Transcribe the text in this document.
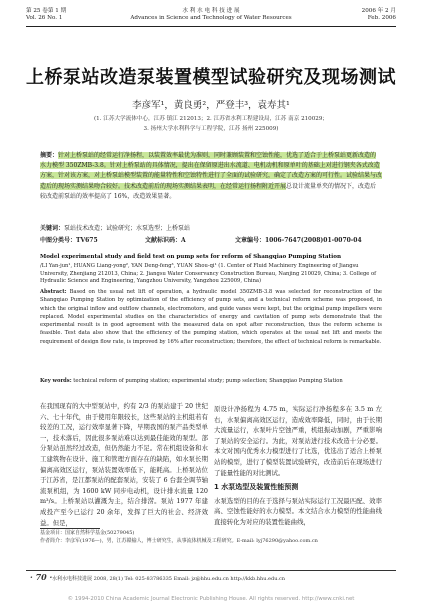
第 25 卷第 1 期
Vol. 26 No. 1
水 利 水 电 科 技 进 展
Advances in Science and Technology of Water Resources
2006 年 2 月
Feb. 2006
上桥泵站改造泵装置模型试验研究及现场测试
李彦军¹，黄良勇²，严登丰³，袁寿其¹
(1. 江苏大学流体中心，江苏 镇江 212013；2. 江苏省水利工程建设局，江苏 南京 210029；
3. 扬州大学水利科学与工程学院，江苏 扬州 225009)
摘要：针对上桥泵站的经常运行净扬程，以装置效率最优为准则，同时兼顾装置和空蚀性能，优选了适合于上桥泵站更新改造的水力模型 350ZMB-3.8。针对上桥泵站的具体情况，提出在保留原进出水流道、电机动机和原单叶的基础上对进行钢夹各式改造方案，针对该方案，对上桥泵站模型装置的能量特性和空蚀特性进行了全面的试验研究，确定了改造方案的可行性。试验结果与改造后的现场实测结果吻合较好。技术改造前后的现场实测结果表明，在经常运行扬程附近开展总设计流量单夹的情况下，改造后较改造前泵站的效率提高了 16%，改造效果显著。
关键词：泵站技术改造；试验研究；水泵选型；上桥泵站
中图分类号：TV675	文献标识码：A	文章编号：1006-7647(2008)01-0070-04
Model experimental study and field test on pump sets for reform of Shangqiao Pumping Station
/LI Yan-jun¹, HUANG Liang-yong², YAN Deng-feng³, YUAN Shou-qi¹ (1. Center of Fluid Machinery Engineering of Jiangsu University, Zhenjiang 212013, China; 2. Jiangsu Water Conservancy Construction Bureau, Nanjing 210029, China; 3. College of Hydraulic Science and Engineering, Yangzhou University, Yangzhou 225009, China)
Abstract: Based on the usual net lift of operation, a hydraulic model 350ZMB-3.8 was selected for reconstruction of the Shangqiao Pumping Station by optimization of the efficiency of pump sets, and a technical reform scheme was proposed, in which the original inflow and outflow channels, electromotors, and guide vanes were kept, but the original pump impellers were replaced. Model experimental studies on the characteristics of energy and cavitation of pump sets demonstrate that the experimental result is in good agreement with the measured data on spot after reconstruction, thus the reform scheme is feasible. Test data also show that the efficiency of the pumping station, which operates at the usual net lift and meets the requirement of design flow rate, is improved by 16% after reconstruction; therefore, the effect of technical reform is remarkable.
Key words: technical reform of pumping station; experimental study; pump selection; Shangqiao Pumping Station
在我国现有的大中型泵站中，约有 2/3 的泵站建于 20 世纪六、七十年代，由于使用年限较长，这些泵站的主机组若有较差的工况，运行效率显著下降，早期我国的泵产品类型单一，技术落后，因此很多泵站难以达到最佳能效的泵型。部分泵站虽然经过改造，但仍然能力不足。常在机组设备和水工建筑物在设计、施工和管理方面存在的缺陷，如水泵长期偏离高效区运行，泵站装置效率低下，能耗高。上桥泵站位于江苏省，是江都泵站的配套泵站，安装了 6 台套全调节轴流泵机组，为 1600 kW 同步电动机，设计排水流量 120 m³/s。上桥泵站以灌溉为主，结合排涝。泵站 1977 年建成投产至今已运行 20 余年，发挥了巨大的社会、经济效益。但是，
原设计净扬程为 4.75 m，实际运行净扬程多在 3.5 m 左右，水泵偏离高效区运行，造成效率降低，同时，由于长期大流量运行，水泵叶片空蚀严重，机组振动加剧，严重影响了泵站的安全运行。为此，对泵站进行技术改造十分必要。本文对国内优秀水力模型进行了比选，优选出了适合上桥泵站的模型，进行了模型装置试验研究，改造前后在现场进行了能量性能的对比测试。
1 水泵选型及装置性能预测
水泵选型的目的在于选择与泵站实际运行工况最匹配、效率高、空蚀性能好的水力模型。本文结合水力模型的性能曲线直接转化为对应的装置性能曲线，
基金项目：国家自然科学基金(50279045)
作者简介：李彦军(1976—)，男，江苏赣榆人，博士研究生，从事流体机械及工程研究。E-mail: lyj76290@yahoo.com.cn
· 70 · 水利水电科技进展 2008, 28(1) Tel: 025-83786335 Email: jz@hhu.edu.cn http://kkb.hhu.edu.cn
© 1994-2010 China Academic Journal Electronic Publishing House. All rights reserved. http://www.cnki.net
